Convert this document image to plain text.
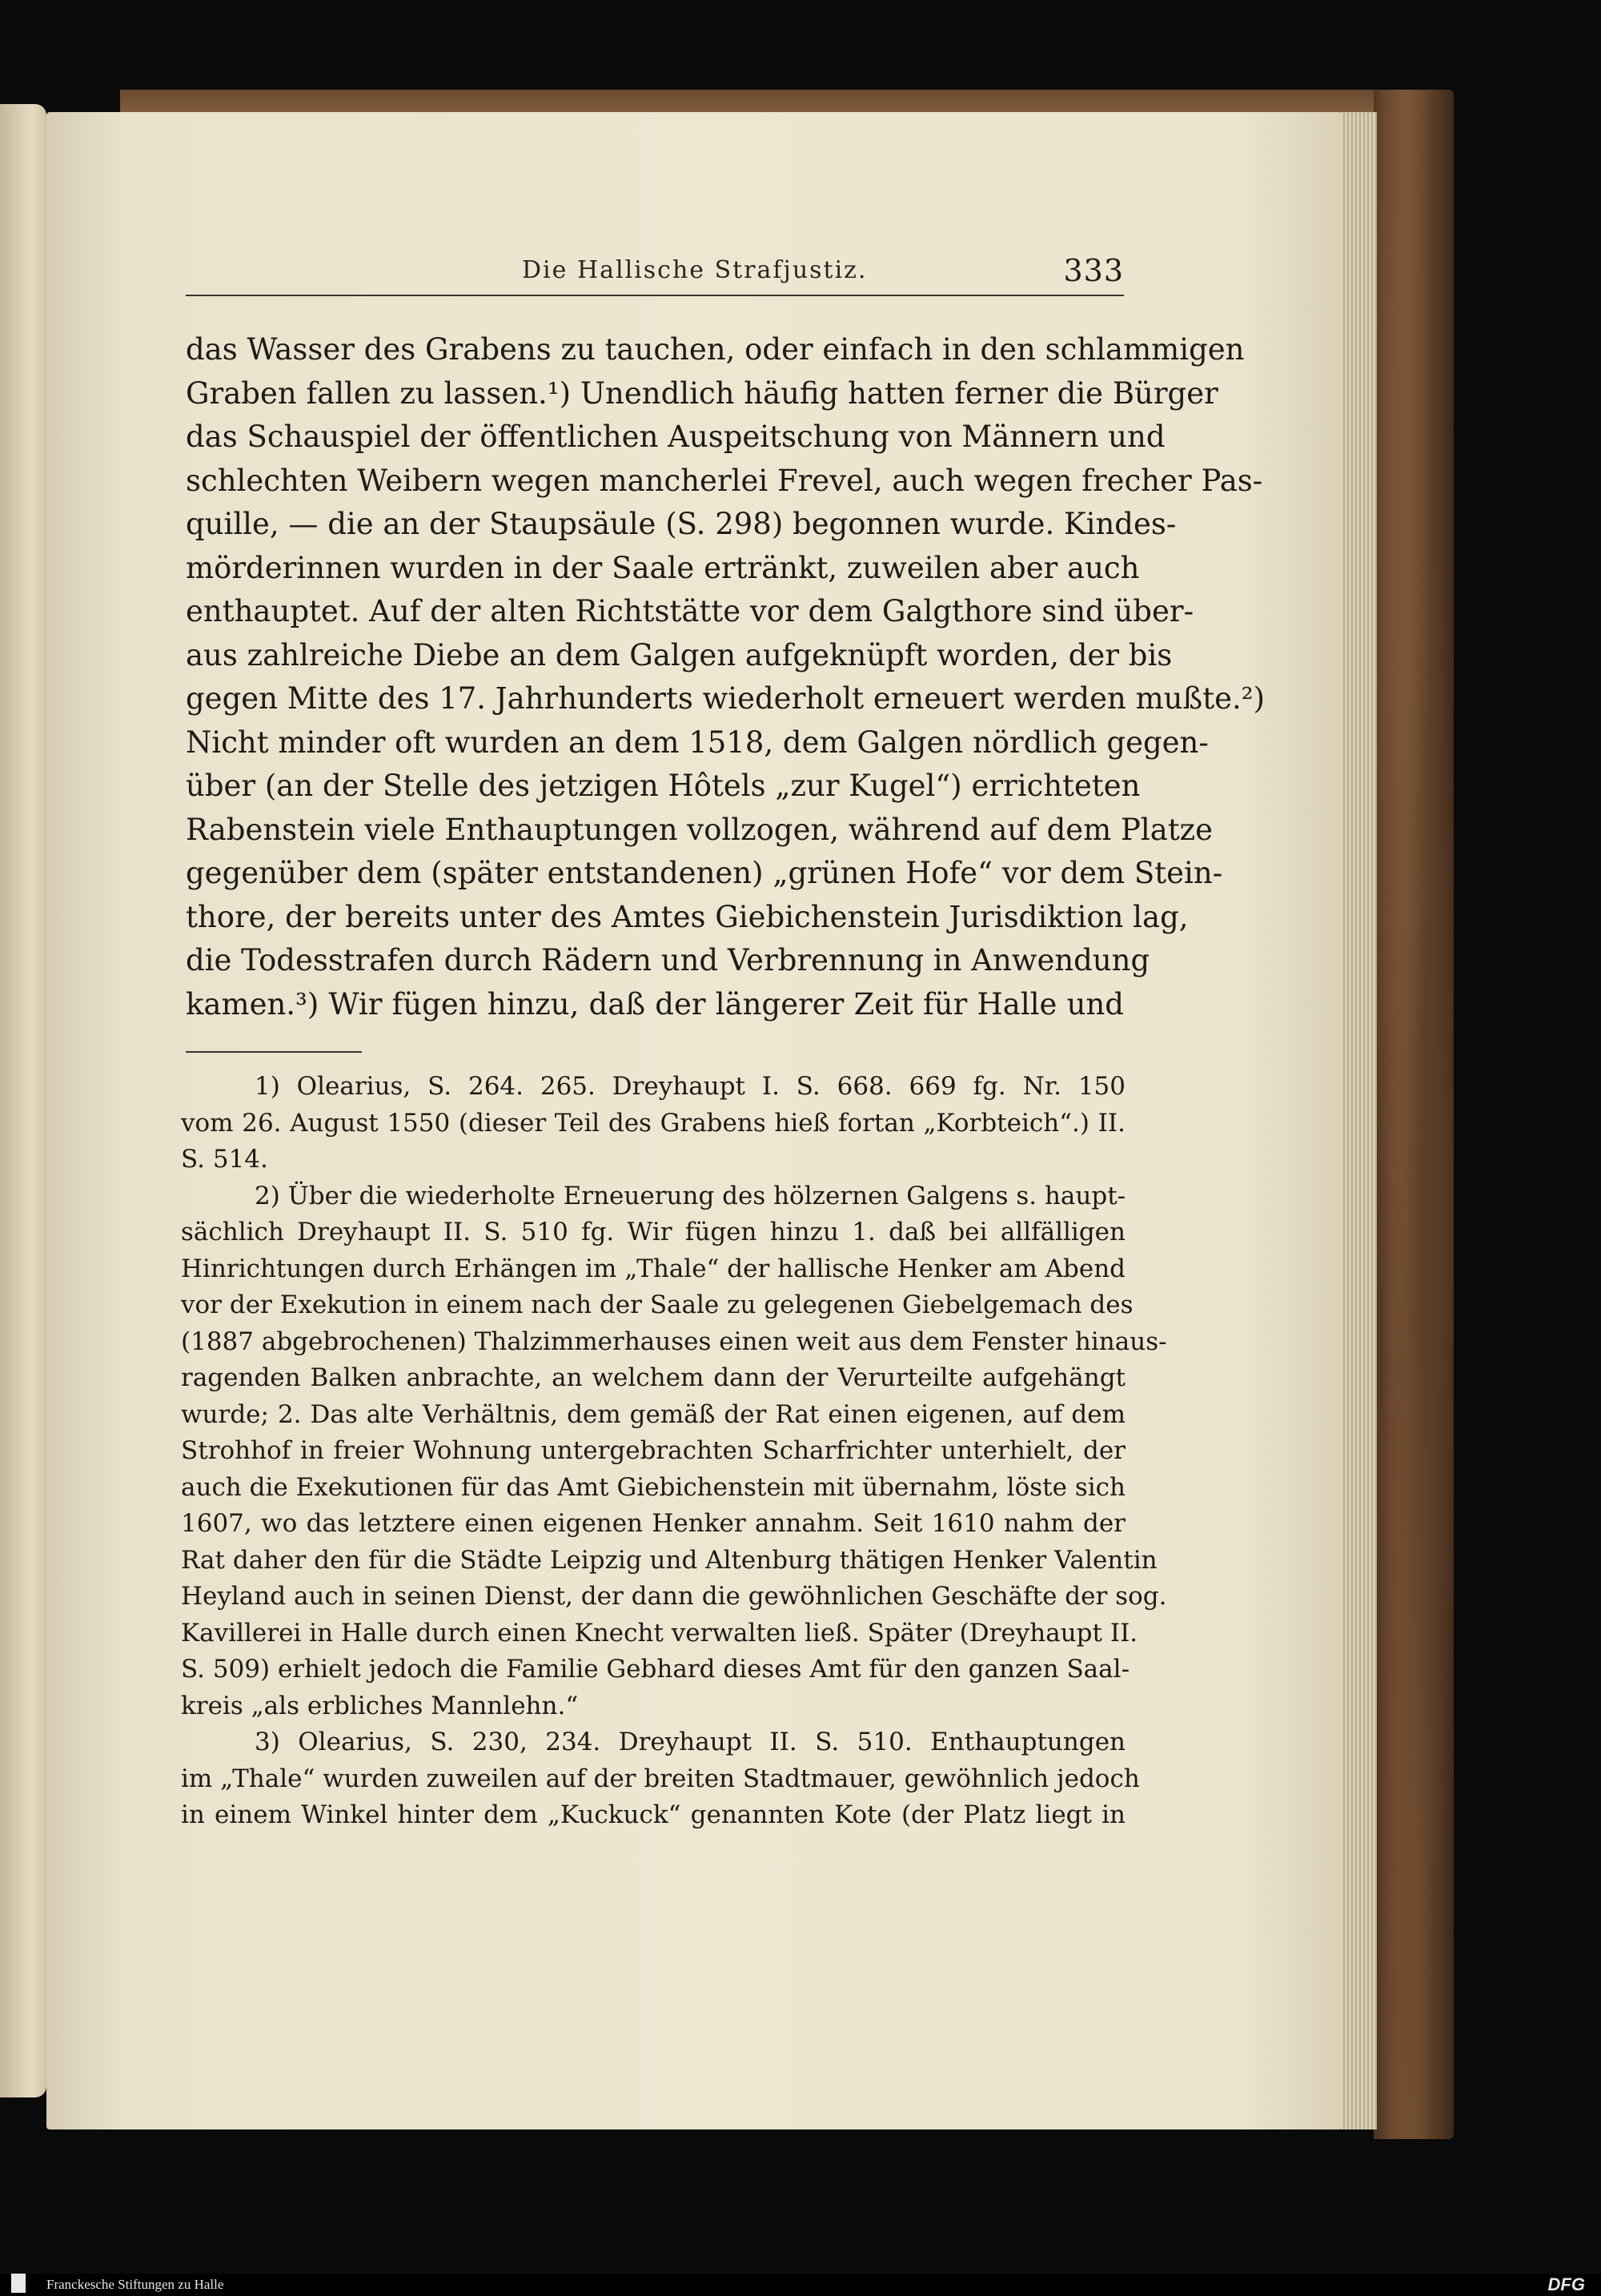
Die Hallische Strafjustiz.	333
das Wasser des Grabens zu tauchen, oder einfach in den schlammigen
Graben fallen zu lassen.¹) Unendlich häufig hatten ferner die Bürger
das Schauspiel der öffentlichen Auspeitschung von Männern und
schlechten Weibern wegen mancherlei Frevel, auch wegen frecher Pas-
quille, — die an der Staupsäule (S. 298) begonnen wurde. Kindes-
mörderinnen wurden in der Saale ertränkt, zuweilen aber auch
enthauptet. Auf der alten Richtstätte vor dem Galgthore sind über-
aus zahlreiche Diebe an dem Galgen aufgeknüpft worden, der bis
gegen Mitte des 17. Jahrhunderts wiederholt erneuert werden mußte.²)
Nicht minder oft wurden an dem 1518, dem Galgen nördlich gegen-
über (an der Stelle des jetzigen Hôtels „zur Kugel“) errichteten
Rabenstein viele Enthauptungen vollzogen, während auf dem Platze
gegenüber dem (später entstandenen) „grünen Hofe“ vor dem Stein-
thore, der bereits unter des Amtes Giebichenstein Jurisdiktion lag,
die Todesstrafen durch Rädern und Verbrennung in Anwendung
kamen.³) Wir fügen hinzu, daß der längerer Zeit für Halle und
1) Olearius, S. 264. 265. Dreyhaupt I. S. 668. 669 fg. Nr. 150
vom 26. August 1550 (dieser Teil des Grabens hieß fortan „Korbteich“.) II.
S. 514.
2) Über die wiederholte Erneuerung des hölzernen Galgens s. haupt-
sächlich Dreyhaupt II. S. 510 fg. Wir fügen hinzu 1. daß bei allfälligen
Hinrichtungen durch Erhängen im „Thale“ der hallische Henker am Abend
vor der Exekution in einem nach der Saale zu gelegenen Giebelgemach des
(1887 abgebrochenen) Thalzimmerhauses einen weit aus dem Fenster hinaus-
ragenden Balken anbrachte, an welchem dann der Verurteilte aufgehängt
wurde; 2. Das alte Verhältnis, dem gemäß der Rat einen eigenen, auf dem
Strohhof in freier Wohnung untergebrachten Scharfrichter unterhielt, der
auch die Exekutionen für das Amt Giebichenstein mit übernahm, löste sich
1607, wo das letztere einen eigenen Henker annahm. Seit 1610 nahm der
Rat daher den für die Städte Leipzig und Altenburg thätigen Henker Valentin
Heyland auch in seinen Dienst, der dann die gewöhnlichen Geschäfte der sog.
Kavillerei in Halle durch einen Knecht verwalten ließ. Später (Dreyhaupt II.
S. 509) erhielt jedoch die Familie Gebhard dieses Amt für den ganzen Saal-
kreis „als erbliches Mannlehn.“
3) Olearius, S. 230, 234. Dreyhaupt II. S. 510. Enthauptungen
im „Thale“ wurden zuweilen auf der breiten Stadtmauer, gewöhnlich jedoch
in einem Winkel hinter dem „Kuckuck“ genannten Kote (der Platz liegt in
Franckesche Stiftungen zu Halle	DFG
